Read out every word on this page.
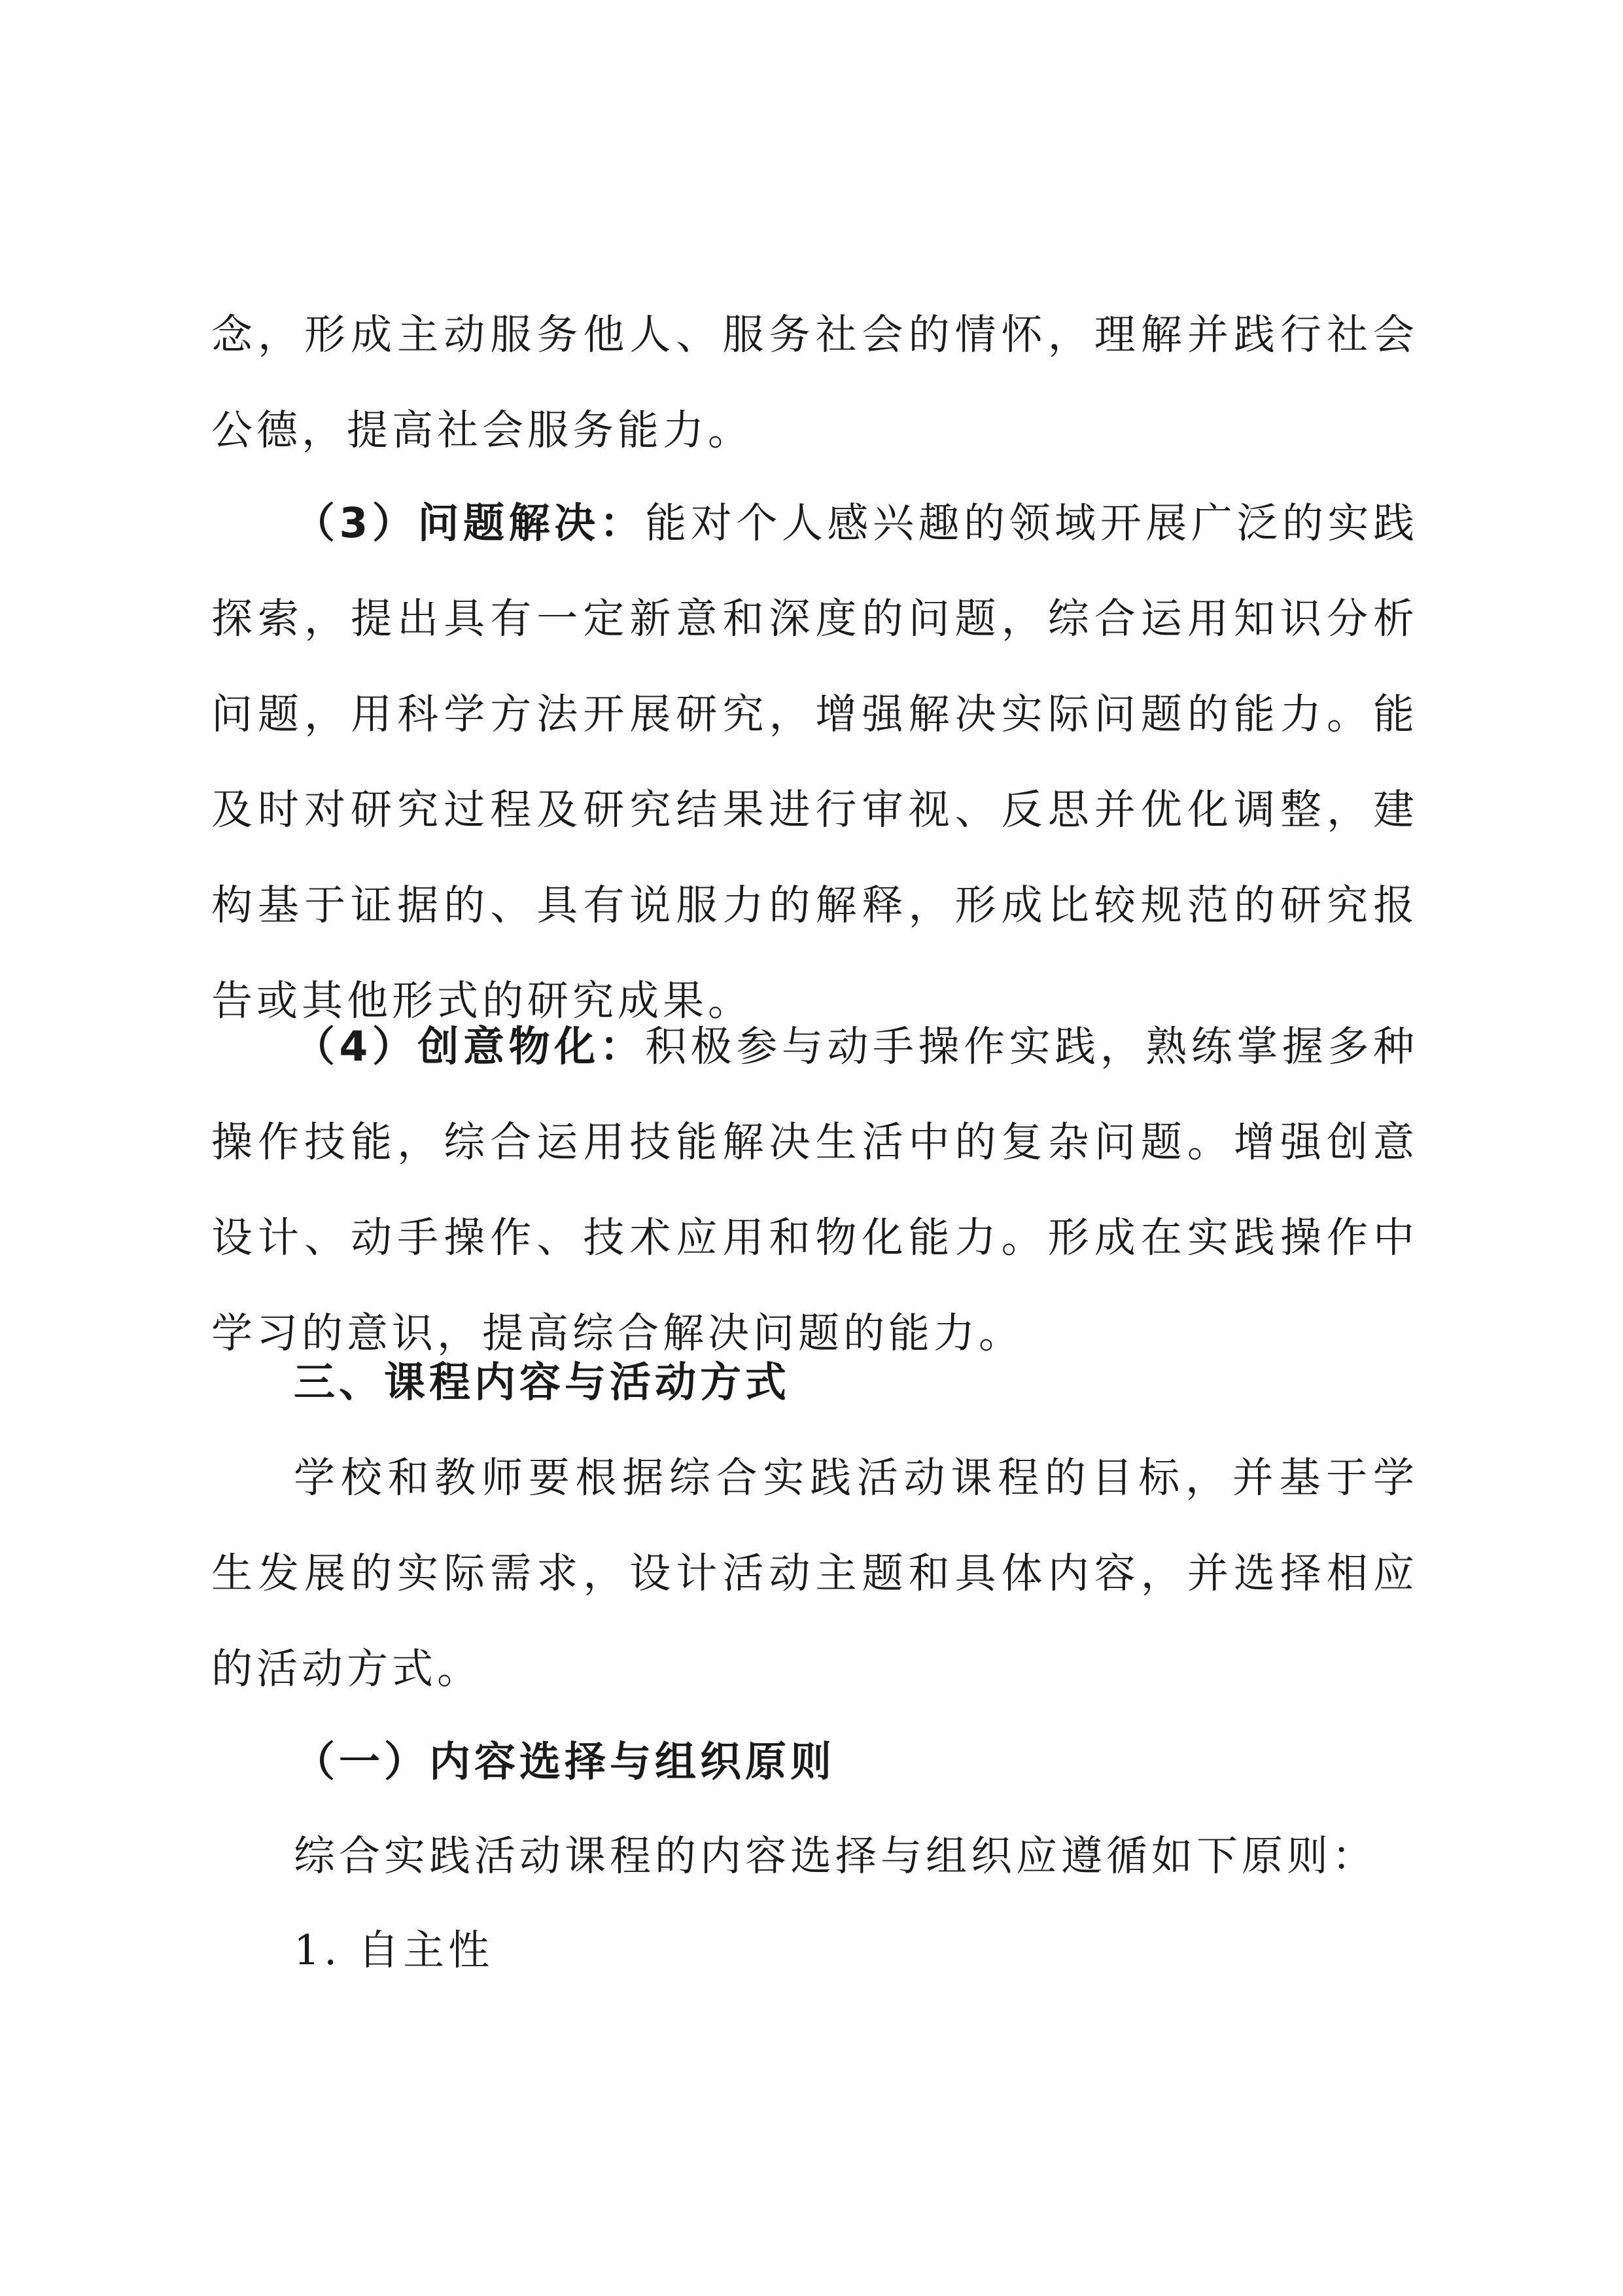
念，形成主动服务他人、服务社会的情怀，理解并践行社会公德，提高社会服务能力。

（3）问题解决：能对个人感兴趣的领域开展广泛的实践探索，提出具有一定新意和深度的问题，综合运用知识分析问题，用科学方法开展研究，增强解决实际问题的能力。能及时对研究过程及研究结果进行审视、反思并优化调整，建构基于证据的、具有说服力的解释，形成比较规范的研究报告或其他形式的研究成果。

（4）创意物化：积极参与动手操作实践，熟练掌握多种操作技能，综合运用技能解决生活中的复杂问题。增强创意设计、动手操作、技术应用和物化能力。形成在实践操作中学习的意识，提高综合解决问题的能力。

三、课程内容与活动方式

学校和教师要根据综合实践活动课程的目标，并基于学生发展的实际需求，设计活动主题和具体内容，并选择相应的活动方式。

（一）内容选择与组织原则

综合实践活动课程的内容选择与组织应遵循如下原则：

1. 自主性
